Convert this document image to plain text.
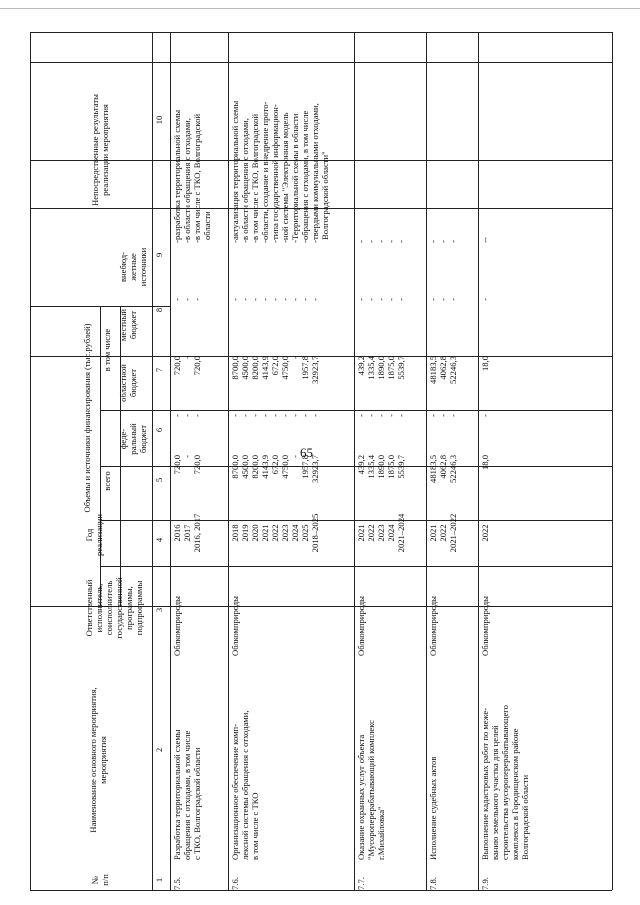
65
№
п/п
Наименование основного мероприятия,
мероприятия
Ответственный
исполнитель,
соисполнитель
государственной
программы,
подпрограммы
Год
реализации
Объемы и источники финансирования (тыс.рублей) всего
в том числе
феде-
ральный
бюджет
областной
бюджет
местный
бюджет
внебюд-
жетные
источники
Непосредственные результаты
реализации мероприятия
1
2
3
4
5
6
7
8
9
10
7.5.
Разработка территориальной схемы
обращения с отходами, в том числе
с ТКО, Волгоградской области
Облкомприроды
2016
2017
2016, 2017
720,0
-
720,0
-
-
-
720,0
-
720,0
-
-
-
-
-
-
разработка территориальной схемы
в области обращения с отходами,
в том числе с ТКО, Волгоградской
области
7.6.
Организационное обеспечение комп-
лексной системы обращения с отходами,
в том числе с ТКО
Облкомприроды
2018
2019
2020
2021
2022
2023
2024
2025
2018–2025
8700,0
4500,0
8200,0
4143,9
672,0
4750,0
-
1957,8
32923,7
-
-
-
-
-
-
-
-
-
8700,0
4500,0
8200,0
4143,9
672,0
4750,0
-
1957,8
32923,7
-
-
-
-
-
-
-
-
-
-
-
-
-
-
-
-
-
-
актуализация территориальной схемы
в области обращения с отходами,
в том числе с ТКО, Волгоградской
области, создание и внедрение прото-
типа государственной информацион-
ной системы "Электронная модель
Территориальной схемы в области
обращения с отходами, в том числе
твердыми коммунальными отходами,
Волгоградской области"
7.7.
Оказание охранных услуг объекта
"Мусороперерабатывающий комплекс
г.Михайловка"
Облкомприроды
2021
2022
2023
2024
2021–2024
439,2
1335,4
1890,0
1875,0
5539,7
-
-
-
-
-
439,2
1335,4
1890,0
1875,0
5539,7
-
-
-
-
-
-
-
-
-
-
7.8.
Исполнение судебных актов
Облкомприроды
2021
2022
2021–2022
48183,5
4062,8
52246,3
-
-
-
48183,5
4062,8
52246,3
-
-
-
-
-
-
7.9.
Выполнение кадастровых работ по меже-
ванию земельного участка для целей
строительства мусороперерабатывающего
комплекса в Городищенском районе
Волгоградской области
Облкомприроды
2022
18,0
-
18,0
-
-
-
